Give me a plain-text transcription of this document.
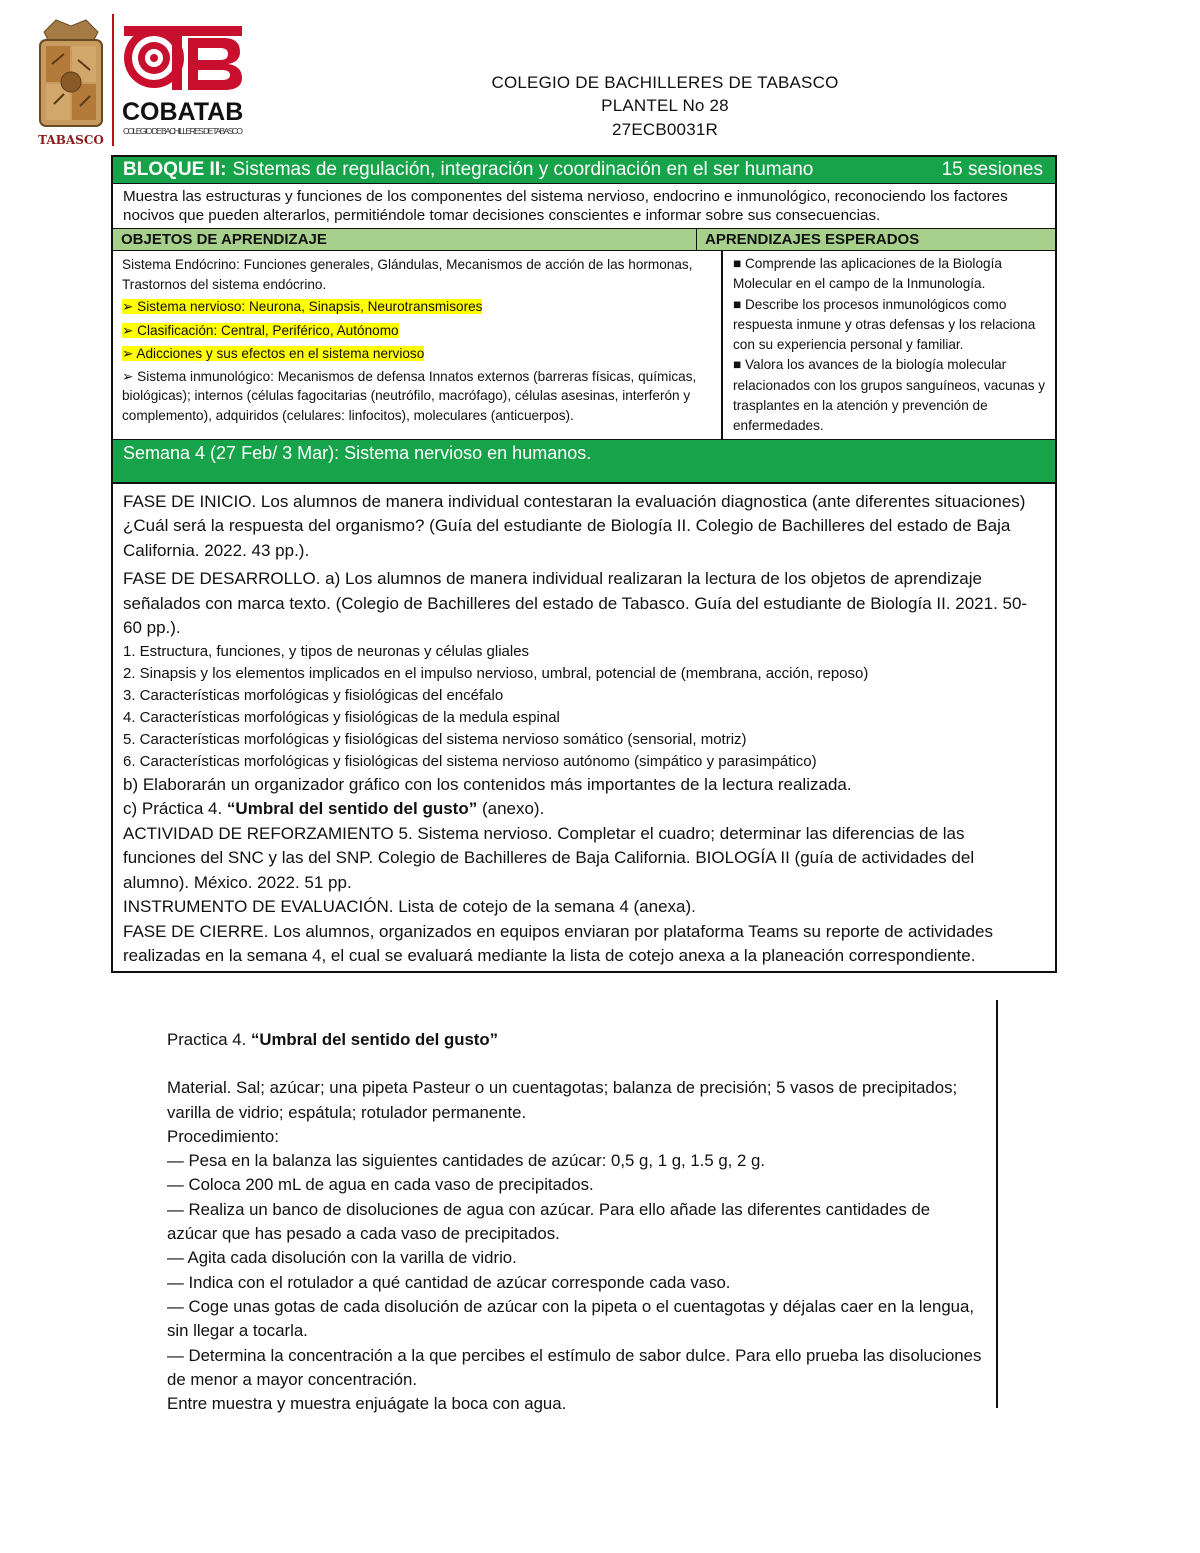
TABASCO
COBATAB
COLEGIO DE BACHILLERES DE TABASCO
COLEGIO DE BACHILLERES DE TABASCO
PLANTEL No 28
27ECB0031R
BLOQUE II: Sistemas de regulación, integración y coordinación en el ser humano	15 sesiones
Muestra las estructuras y funciones de los componentes del sistema nervioso, endocrino e inmunológico, reconociendo los factores nocivos que pueden alterarlos, permitiéndole tomar decisiones conscientes e informar sobre sus consecuencias.
OBJETOS DE APRENDIZAJE	APRENDIZAJES ESPERADOS
Sistema Endócrino: Funciones generales, Glándulas, Mecanismos de acción de las hormonas, Trastornos del sistema endócrino.
➢ Sistema nervioso: Neurona, Sinapsis, Neurotransmisores
➢ Clasificación: Central, Periférico, Autónomo
➢ Adicciones y sus efectos en el sistema nervioso
➢ Sistema inmunológico: Mecanismos de defensa Innatos externos (barreras físicas, químicas, biológicas); internos (células fagocitarias (neutrófilo, macrófago), células asesinas, interferón y complemento), adquiridos (celulares: linfocitos), moleculares (anticuerpos).
■ Comprende las aplicaciones de la Biología Molecular en el campo de la Inmunología.
■ Describe los procesos inmunológicos como respuesta inmune y otras defensas y los relaciona con su experiencia personal y familiar.
■ Valora los avances de la biología molecular relacionados con los grupos sanguíneos, vacunas y trasplantes en la atención y prevención de enfermedades.
Semana 4 (27 Feb/ 3 Mar): Sistema nervioso en humanos.

FASE DE INICIO. Los alumnos de manera individual contestaran la evaluación diagnostica (ante diferentes situaciones) ¿Cuál será la respuesta del organismo? (Guía del estudiante de Biología II. Colegio de Bachilleres del estado de Baja California. 2022. 43 pp.).

FASE DE DESARROLLO. a) Los alumnos de manera individual realizaran la lectura de los objetos de aprendizaje señalados con marca texto. (Colegio de Bachilleres del estado de Tabasco. Guía del estudiante de Biología II. 2021. 50-60 pp.).

1. Estructura, funciones, y tipos de neuronas y células gliales
2. Sinapsis y los elementos implicados en el impulso nervioso, umbral, potencial de (membrana, acción, reposo)
3. Características morfológicas y fisiológicas del encéfalo
4. Características morfológicas y fisiológicas de la medula espinal
5. Características morfológicas y fisiológicas del sistema nervioso somático (sensorial, motriz)
6. Características morfológicas y fisiológicas del sistema nervioso autónomo (simpático y parasimpático)

b) Elaborarán un organizador gráfico con los contenidos más importantes de la lectura realizada.

c) Práctica 4. “Umbral del sentido del gusto” (anexo).

ACTIVIDAD DE REFORZAMIENTO 5. Sistema nervioso. Completar el cuadro; determinar las diferencias de las funciones del SNC y las del SNP. Colegio de Bachilleres de Baja California. BIOLOGÍA II (guía de actividades del alumno). México. 2022. 51 pp.

INSTRUMENTO DE EVALUACIÓN. Lista de cotejo de la semana 4 (anexa).

FASE DE CIERRE. Los alumnos, organizados en equipos enviaran por plataforma Teams su reporte de actividades realizadas en la semana 4, el cual se evaluará mediante la lista de cotejo anexa a la planeación correspondiente.

Practica 4. “Umbral del sentido del gusto”

Material. Sal; azúcar; una pipeta Pasteur o un cuentagotas; balanza de precisión; 5 vasos de precipitados; varilla de vidrio; espátula; rotulador permanente.

Procedimiento:

— Pesa en la balanza las siguientes cantidades de azúcar: 0,5 g, 1 g, 1.5 g, 2 g.

— Coloca 200 mL de agua en cada vaso de precipitados.

— Realiza un banco de disoluciones de agua con azúcar. Para ello añade las diferentes cantidades de azúcar que has pesado a cada vaso de precipitados.

— Agita cada disolución con la varilla de vidrio.

— Indica con el rotulador a qué cantidad de azúcar corresponde cada vaso.

— Coge unas gotas de cada disolución de azúcar con la pipeta o el cuentagotas y déjalas caer en la lengua, sin llegar a tocarla.

— Determina la concentración a la que percibes el estímulo de sabor dulce. Para ello prueba las disoluciones de menor a mayor concentración.

Entre muestra y muestra enjuágate la boca con agua.
